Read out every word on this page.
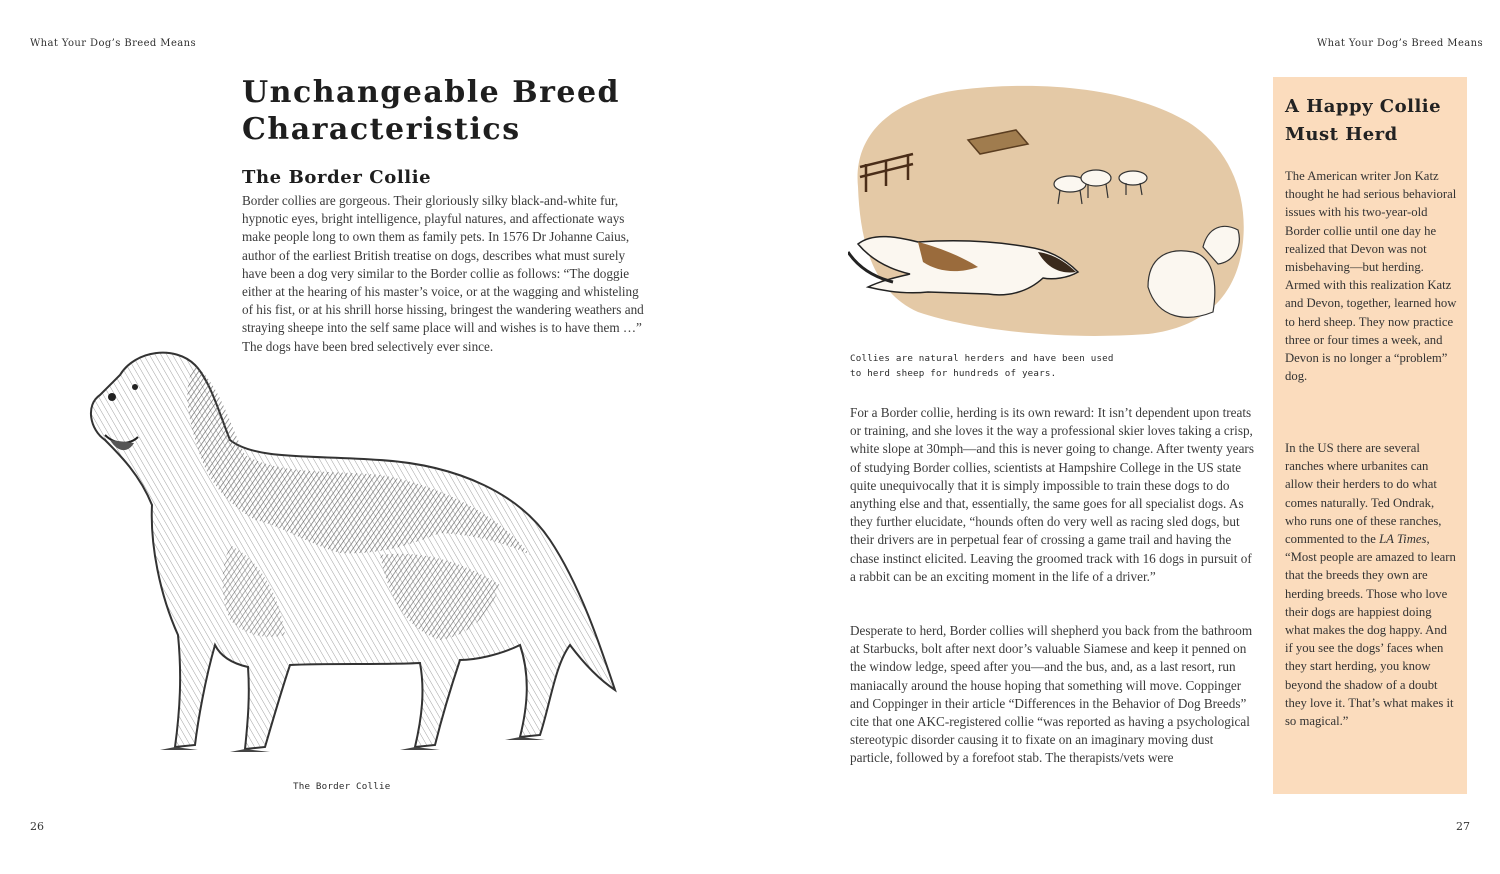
What Your Dog’s Breed Means
Unchangeable Breed Characteristics
The Border Collie

Border collies are gorgeous. Their gloriously silky black-and-white fur, hypnotic eyes, bright intelligence, playful natures, and affectionate ways make people long to own them as family pets. In 1576 Dr Johanne Caius, author of the earliest British treatise on dogs, describes what must surely have been a dog very similar to the Border collie as follows: “The doggie either at the hearing of his master’s voice, or at the wagging and whisteling of his fist, or at his shrill horse hissing, bringest the wandering weathers and straying sheepe into the self same place will and wishes is to have them …” The dogs have been bred selectively ever since.

The Border Collie
26
What Your Dog’s Breed Means
Collies are natural herders and have been used to herd sheep for hundreds of years.

For a Border collie, herding is its own reward: It isn’t dependent upon treats or training, and she loves it the way a professional skier loves taking a crisp, white slope at 30mph—and this is never going to change. After twenty years of studying Border collies, scientists at Hampshire College in the US state quite unequivocally that it is simply impossible to train these dogs to do anything else and that, essentially, the same goes for all specialist dogs. As they further elucidate, “hounds often do very well as racing sled dogs, but their drivers are in perpetual fear of crossing a game trail and having the chase instinct elicited. Leaving the groomed track with 16 dogs in pursuit of a rabbit can be an exciting moment in the life of a driver.”

Desperate to herd, Border collies will shepherd you back from the bathroom at Starbucks, bolt after next door’s valuable Siamese and keep it penned on the window ledge, speed after you—and the bus, and, as a last resort, run maniacally around the house hoping that something will move. Coppinger and Coppinger in their article “Differences in the Behavior of Dog Breeds” cite that one AKC-registered collie “was reported as having a psychological stereotypic disorder causing it to fixate on an imaginary moving dust particle, followed by a forefoot stab. The therapists/vets were

A Happy Collie Must Herd

The American writer Jon Katz thought he had serious behavioral issues with his two-year-old Border collie until one day he realized that Devon was not misbehaving—but herding. Armed with this realization Katz and Devon, together, learned how to herd sheep. They now practice three or four times a week, and Devon is no longer a “problem” dog.

In the US there are several ranches where urbanites can allow their herders to do what comes naturally. Ted Ondrak, who runs one of these ranches, commented to the LA Times, “Most people are amazed to learn that the breeds they own are herding breeds. Those who love their dogs are happiest doing what makes the dog happy. And if you see the dogs’ faces when they start herding, you know beyond the shadow of a doubt they love it. That’s what makes it so magical.”

27
